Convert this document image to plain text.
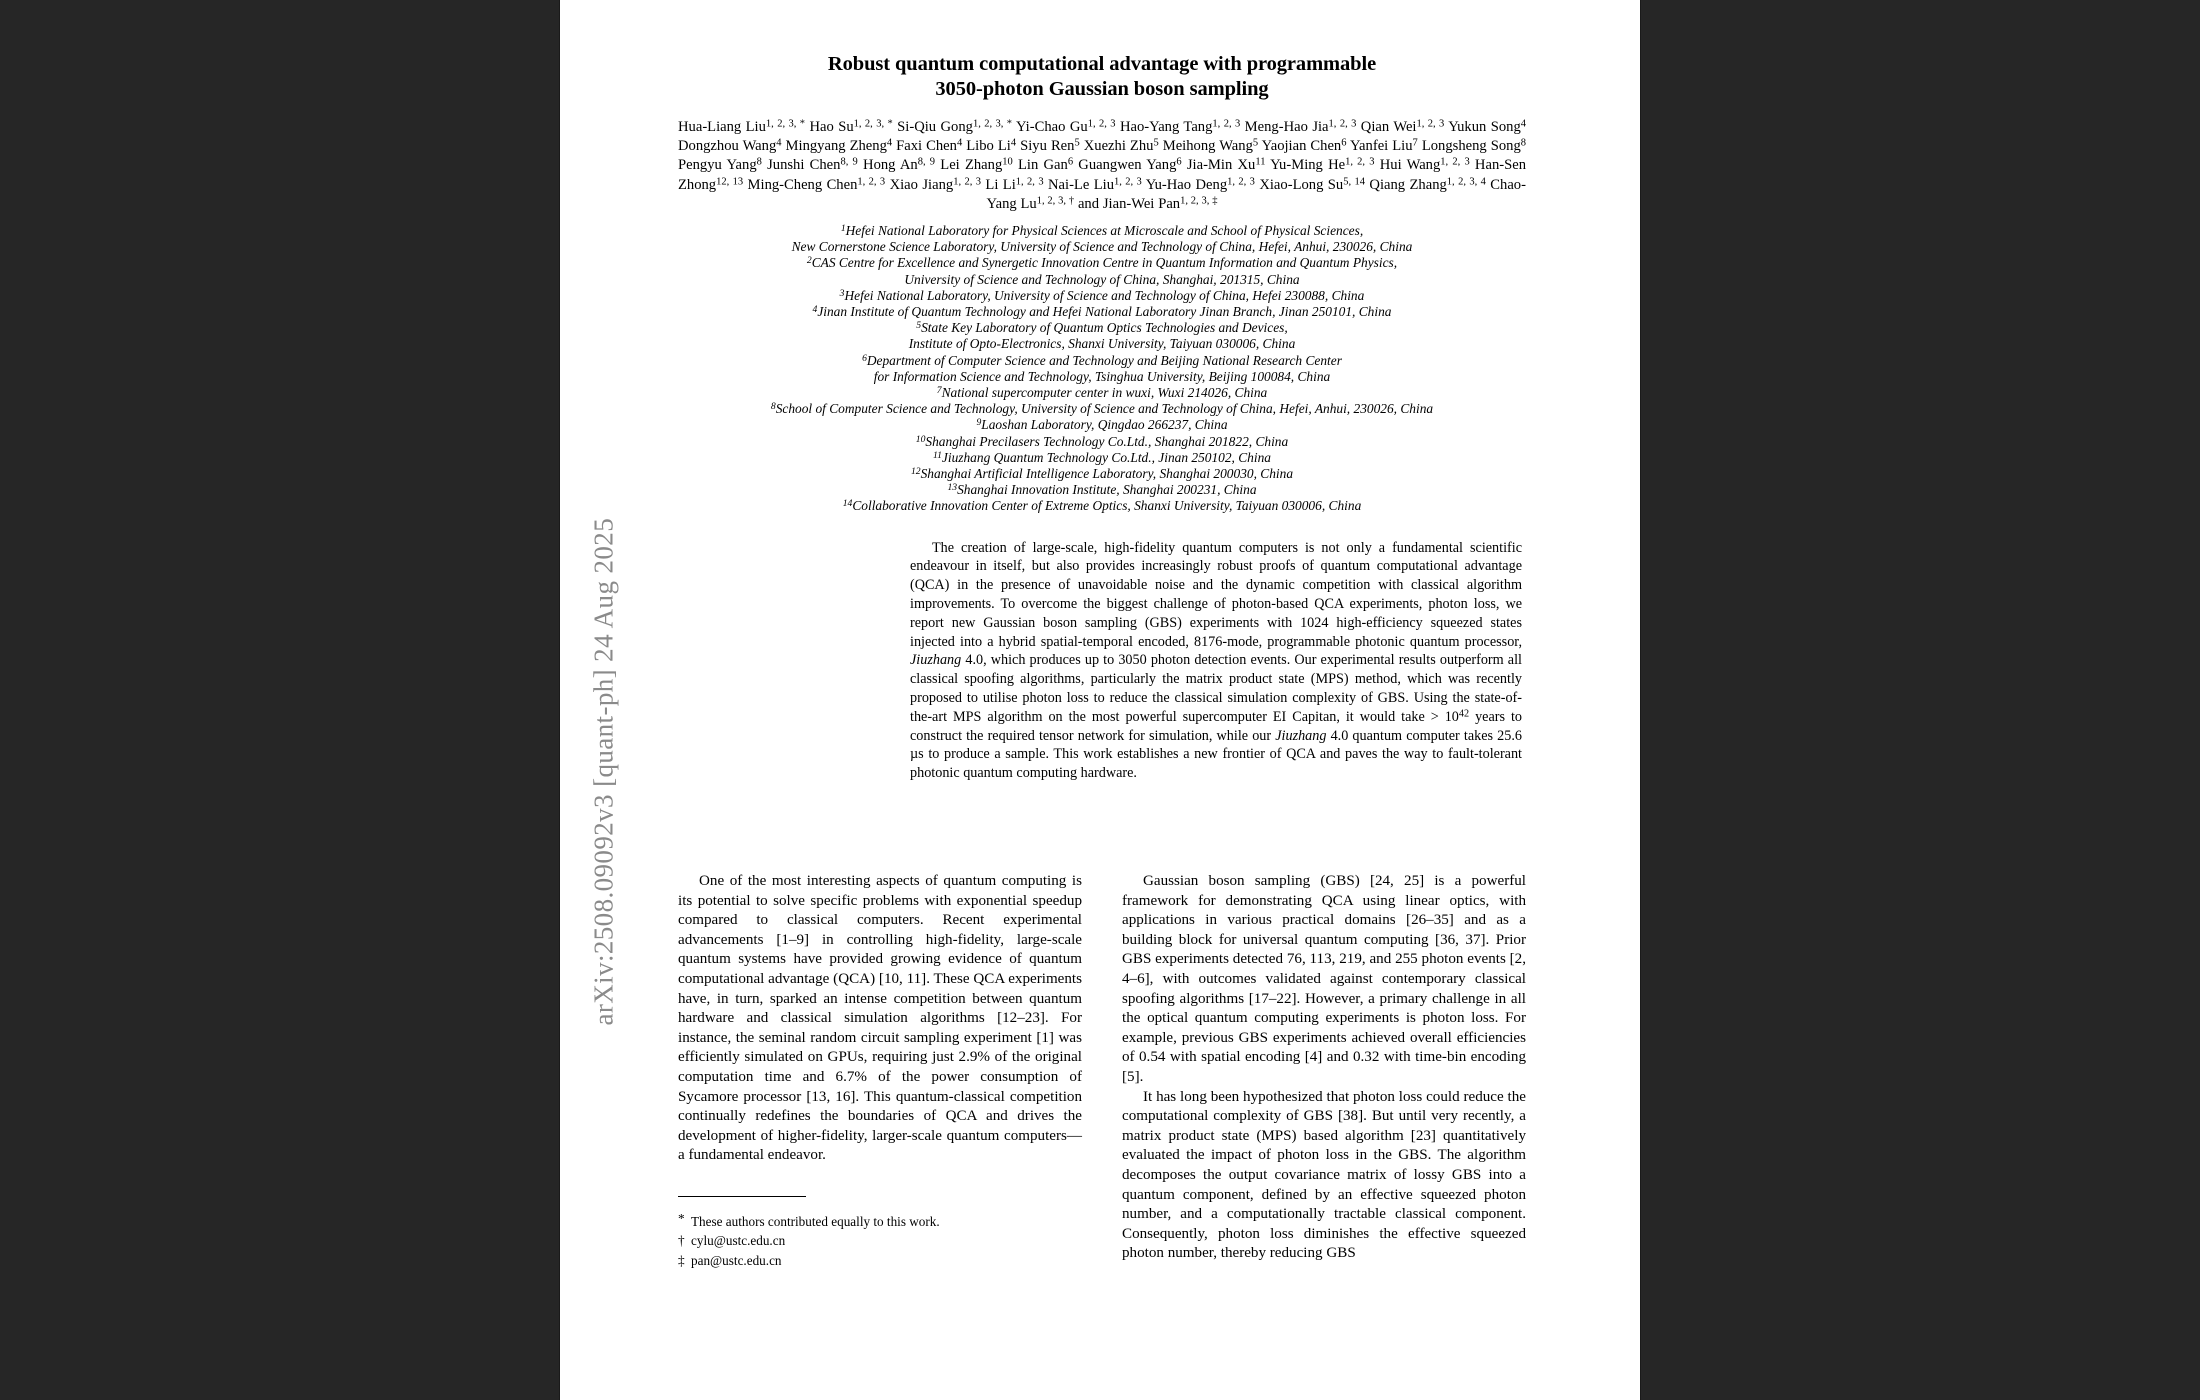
arXiv:2508.09092v3 [quant-ph] 24 Aug 2025
Robust quantum computational advantage with programmable
3050-photon Gaussian boson sampling
Hua-Liang Liu$^{1, 2, 3, *}$ Hao $Su^{1, 2, 3, *}$ Si-Qiu Gong$^{1, 2, 3, *}$ Yi-Chao Gu$^{1, 2, 3}$ Hao-Yang Tang$^{1, 2, 3}$ Meng-Hao Jia$^{1, 2, 3}$ Qian Wei$^{1, 2, 3}$ Yukun Song$^4$ Dongzhou Wang$^4$ Mingyang Zheng$^4$ Faxi Chen$^4$ Libo Li$^4$ Siyu Ren$^5$ Xuezhi Zhu$^5$ Meihong Wang$^5$ Yaojian Chen$^6$ Yanfei Liu$^7$ Longsheng Song$^8$ Pengyu Yang$^8$ Junshi Chen$^{8, 9}$ Hong An$^{8, 9}$ Lei Zhang$^{10}$ Lin Gan$^6$ Guangwen Yang$^6$ Jia-Min Xu$^{11}$ Yu-Ming He$^{1, 2, 3}$ Hui Wang$^{1, 2, 3}$ Han-Sen Zhong$^{12, 13}$ Ming-Cheng Chen$^{1, 2, 3}$ Xiao Jiang$^{1, 2, 3}$ Li Li$^{1, 2, 3}$ Nai-Le Liu$^{1, 2, 3}$ Yu-Hao Deng$^{1, 2, 3}$ Xiao-Long Su$^{5, 14}$ Qiang Zhang$^{1, 2, 3, 4}$ Chao-Yang $Lu^{1, 2, 3, \dagger}$ and Jian-Wei Pan$^{1, 2, 3, \ddagger}$
$^1$Hefei National Laboratory for Physical Sciences at Microscale and School of Physical Sciences,
New Cornerstone Science Laboratory, University of Science and Technology of China, Hefei, Anhui, 230026, China
$^2$CAS Centre for Excellence and Synergetic Innovation Centre in Quantum Information and Quantum Physics,
University of Science and Technology of China, Shanghai, 201315, China
$^3$Hefei National Laboratory, University of Science and Technology of China, Hefei 230088, China
$^4$Jinan Institute of Quantum Technology and Hefei National Laboratory Jinan Branch, Jinan 250101, China
$^5$State Key Laboratory of Quantum Optics Technologies and Devices,
Institute of Opto-Electronics, Shanxi University, Taiyuan 030006, China
$^6$Department of Computer Science and Technology and Beijing National Research Center
for Information Science and Technology, Tsinghua University, Beijing 100084, China
$^7$National supercomputer center in wuxi, Wuxi 214026, China
$^8$School of Computer Science and Technology, University of Science and Technology of China, Hefei, Anhui, 230026, China
$^9$Laoshan Laboratory, Qingdao 266237, China
$^{10}$Shanghai Precilasers Technology Co.Ltd., Shanghai 201822, China
$^{11}$Jiuzhang Quantum Technology Co.Ltd., Jinan 250102, China
$^{12}$Shanghai Artificial Intelligence Laboratory, Shanghai 200030, China
$^{13}$Shanghai Innovation Institute, Shanghai 200231, China
$^{14}$Collaborative Innovation Center of Extreme Optics, Shanxi University, Taiyuan 030006, China
The creation of large-scale, high-fidelity quantum computers is not only a fundamental scientific endeavour in itself, but also provides increasingly robust proofs of quantum computational advantage (QCA) in the presence of unavoidable noise and the dynamic competition with classical algorithm improvements. To overcome the biggest challenge of photon-based QCA experiments, photon loss, we report new Gaussian boson sampling (GBS) experiments with 1024 high-efficiency squeezed states injected into a hybrid spatial-temporal encoded, 8176-mode, programmable photonic quantum processor, Jiuzhang 4.0, which produces up to 3050 photon detection events. Our experimental results outperform all classical spoofing algorithms, particularly the matrix product state (MPS) method, which was recently proposed to utilise photon loss to reduce the classical simulation complexity of GBS. Using the state-of-the-art MPS algorithm on the most powerful supercomputer EI Capitan, it would take > $10^{42}$ years to construct the required tensor network for simulation, while our Jiuzhang 4.0 quantum computer takes 25.6 µs to produce a sample. This work establishes a new frontier of QCA and paves the way to fault-tolerant photonic quantum computing hardware.

One of the most interesting aspects of quantum computing is its potential to solve specific problems with exponential speedup compared to classical computers. Recent experimental advancements [1–9] in controlling high-fidelity, large-scale quantum systems have provided growing evidence of quantum computational advantage (QCA) [10, 11]. These QCA experiments have, in turn, sparked an intense competition between quantum hardware and classical simulation algorithms [12–23]. For instance, the seminal random circuit sampling experiment [1] was efficiently simulated on GPUs, requiring just 2.9% of the original computation time and 6.7% of the power consumption of Sycamore processor [13, 16]. This quantum-classical competition continually redefines the boundaries of QCA and drives the development of higher-fidelity, larger-scale quantum computers—a fundamental endeavor.

Gaussian boson sampling (GBS) [24, 25] is a powerful framework for demonstrating QCA using linear optics, with applications in various practical domains [26–35] and as a building block for universal quantum computing [36, 37]. Prior GBS experiments detected 76, 113, 219, and 255 photon events [2, 4–6], with outcomes validated against contemporary classical spoofing algorithms [17–22]. However, a primary challenge in all the optical quantum computing experiments is photon loss. For example, previous GBS experiments achieved overall efficiencies of 0.54 with spatial encoding [4] and 0.32 with time-bin encoding [5].

It has long been hypothesized that photon loss could reduce the computational complexity of GBS [38]. But until very recently, a matrix product state (MPS) based algorithm [23] quantitatively evaluated the impact of photon loss in the GBS. The algorithm decomposes the output covariance matrix of lossy GBS into a quantum component, defined by an effective squeezed photon number, and a computationally tractable classical component. Consequently, photon loss diminishes the effective squeezed photon number, thereby reducing GBS

* These authors contributed equally to this work.
† cylu@ustc.edu.cn
‡ pan@ustc.edu.cn
